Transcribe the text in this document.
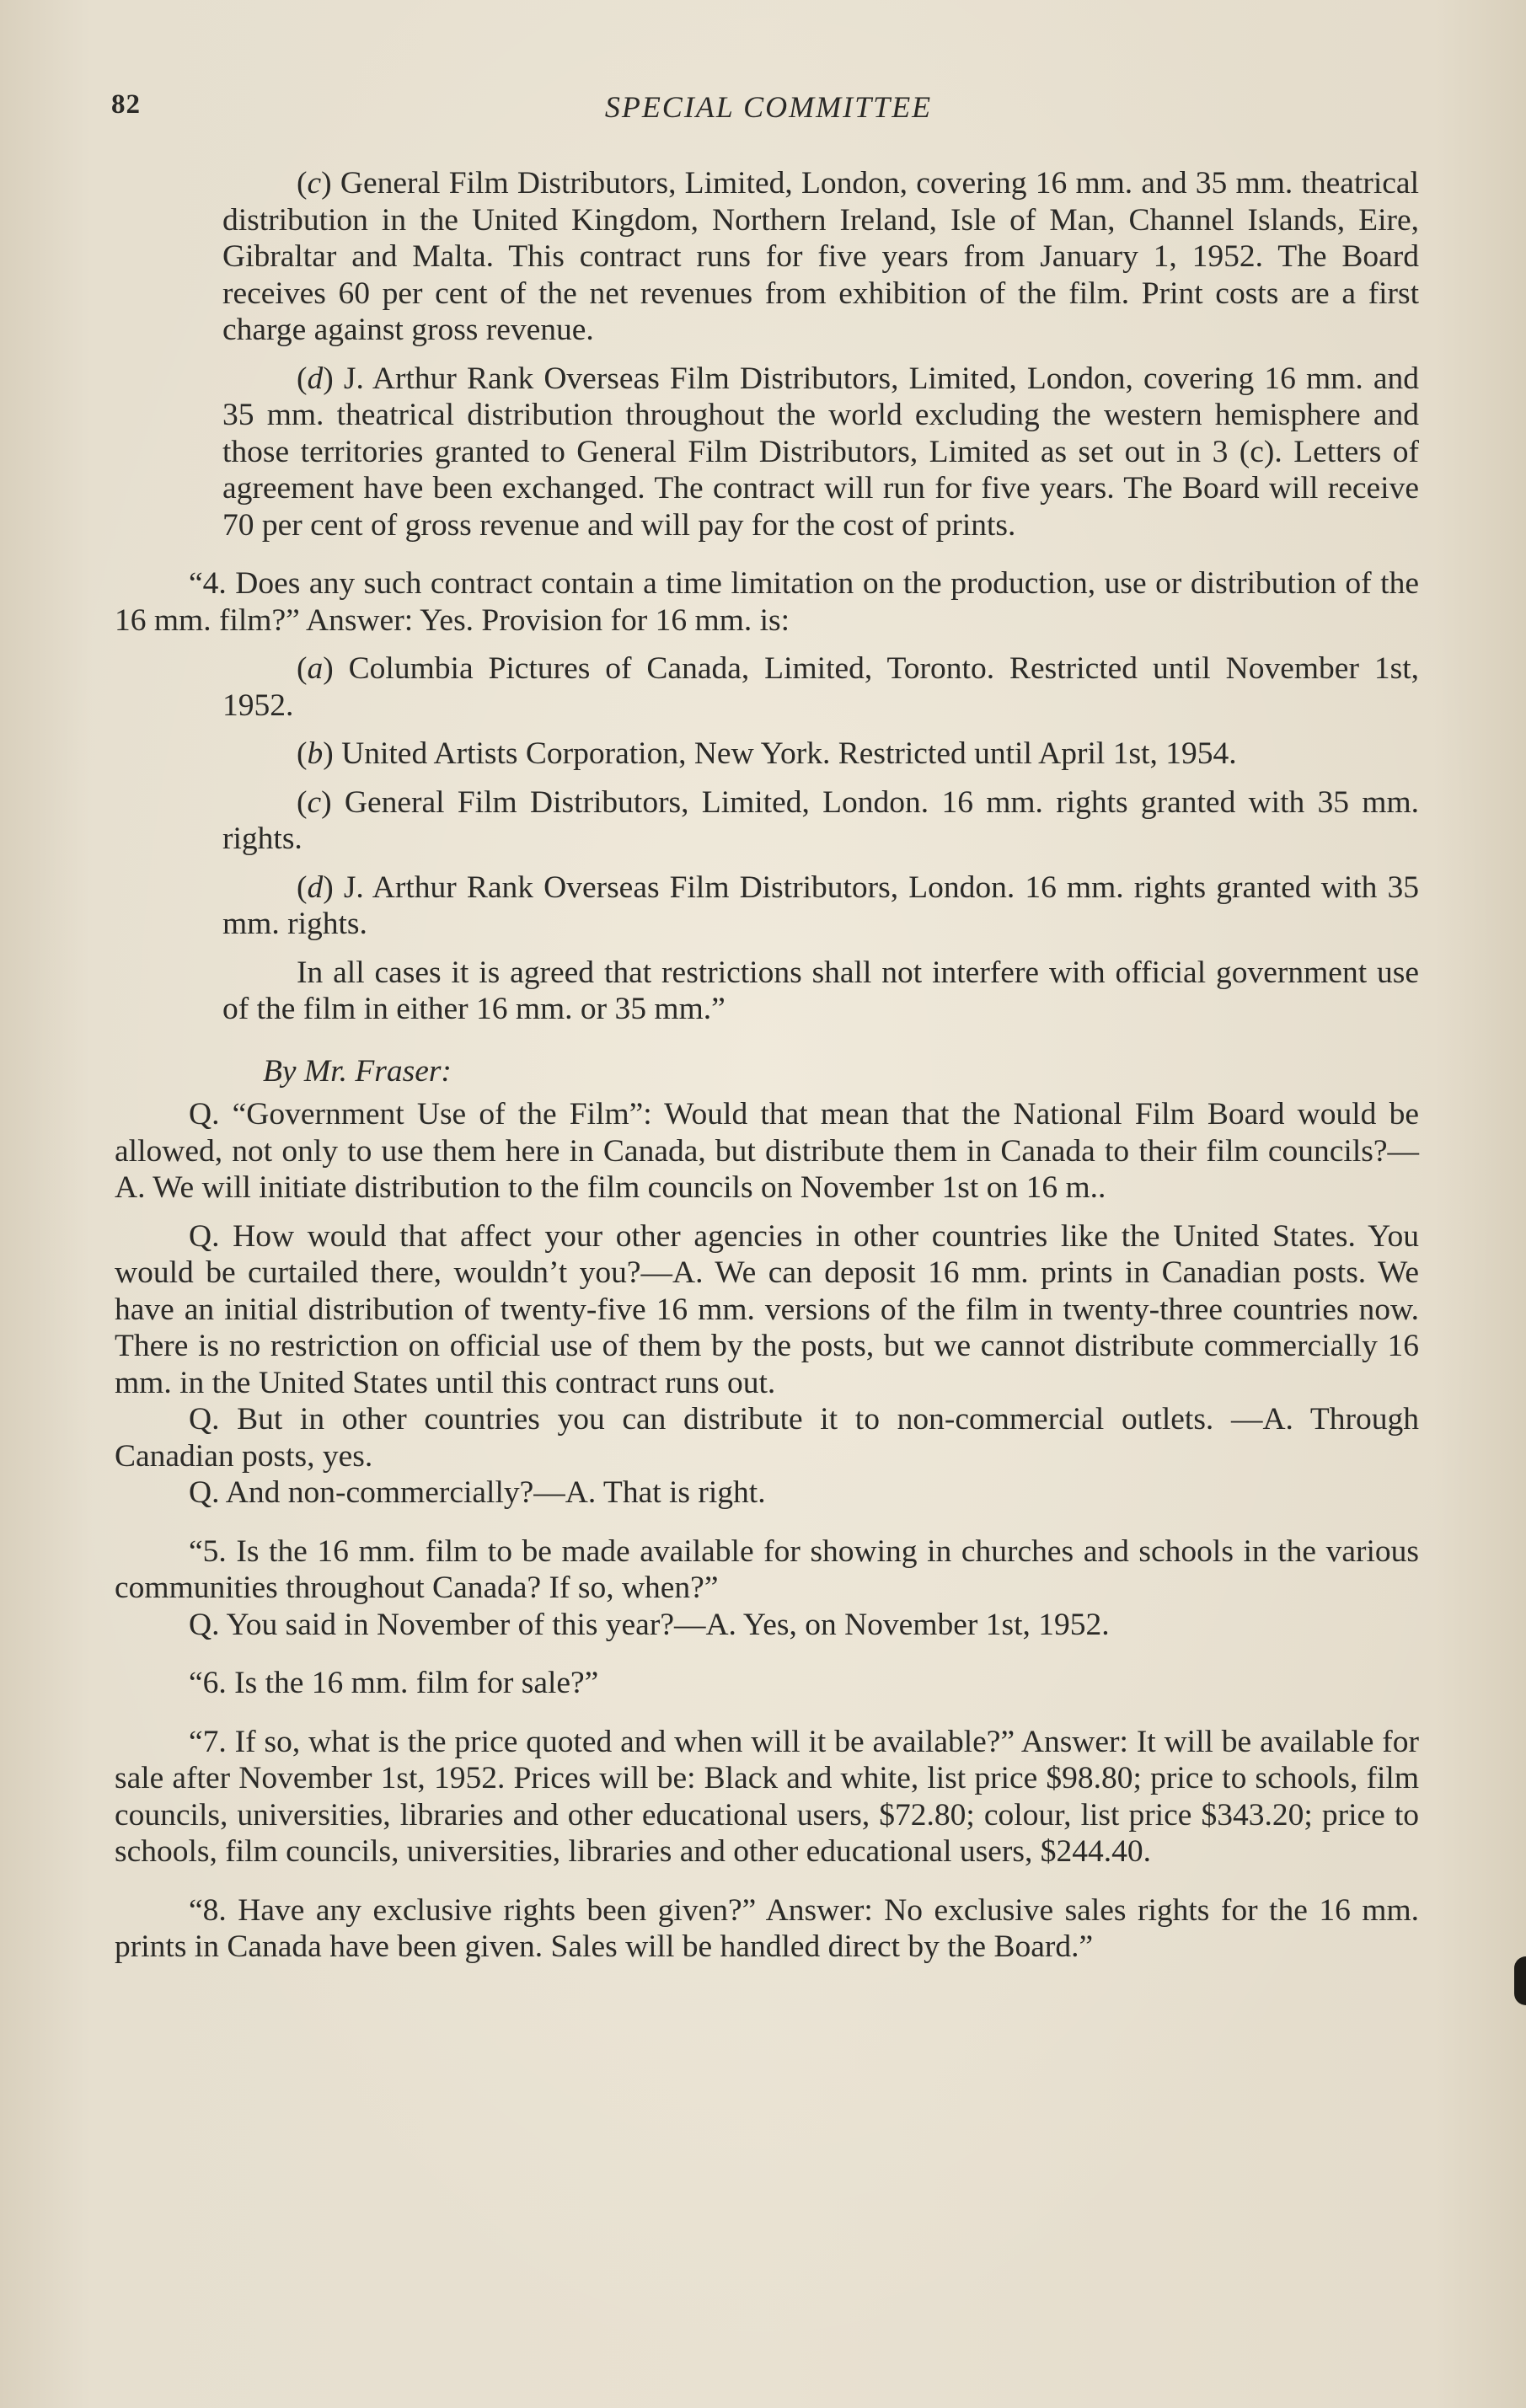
82	SPECIAL COMMITTEE

(c) General Film Distributors, Limited, London, covering 16 mm. and 35 mm. theatrical distribution in the United Kingdom, Northern Ireland, Isle of Man, Channel Islands, Eire, Gibraltar and Malta. This contract runs for five years from January 1, 1952. The Board receives 60 per cent of the net revenues from exhibition of the film. Print costs are a first charge against gross revenue.

(d) J. Arthur Rank Overseas Film Distributors, Limited, London, covering 16 mm. and 35 mm. theatrical distribution throughout the world excluding the western hemisphere and those territories granted to General Film Distributors, Limited as set out in 3 (c). Letters of agreement have been exchanged. The contract will run for five years. The Board will receive 70 per cent of gross revenue and will pay for the cost of prints.

“4. Does any such contract contain a time limitation on the production, use or distribution of the 16 mm. film?” Answer: Yes. Provision for 16 mm. is:

(a) Columbia Pictures of Canada, Limited, Toronto. Restricted until November 1st, 1952.

(b) United Artists Corporation, New York. Restricted until April 1st, 1954.

(c) General Film Distributors, Limited, London. 16 mm. rights granted with 35 mm. rights.

(d) J. Arthur Rank Overseas Film Distributors, London. 16 mm. rights granted with 35 mm. rights.

In all cases it is agreed that restrictions shall not interfere with official government use of the film in either 16 mm. or 35 mm.”

By Mr. Fraser:

Q. “Government Use of the Film”: Would that mean that the National Film Board would be allowed, not only to use them here in Canada, but distribute them in Canada to their film councils?—A. We will initiate distribution to the film councils on November 1st on 16 m..

Q. How would that affect your other agencies in other countries like the United States. You would be curtailed there, wouldn’t you?—A. We can deposit 16 mm. prints in Canadian posts. We have an initial distribution of twenty-five 16 mm. versions of the film in twenty-three countries now. There is no restriction on official use of them by the posts, but we cannot distribute commercially 16 mm. in the United States until this contract runs out.

Q. But in other countries you can distribute it to non-commercial outlets. —A. Through Canadian posts, yes.

Q. And non-commercially?—A. That is right.

“5. Is the 16 mm. film to be made available for showing in churches and schools in the various communities throughout Canada? If so, when?”

Q. You said in November of this year?—A. Yes, on November 1st, 1952.

“6. Is the 16 mm. film for sale?”

“7. If so, what is the price quoted and when will it be available?” Answer: It will be available for sale after November 1st, 1952. Prices will be: Black and white, list price $98.80; price to schools, film councils, universities, libraries and other educational users, $72.80; colour, list price $343.20; price to schools, film councils, universities, libraries and other educational users, $244.40.

“8. Have any exclusive rights been given?” Answer: No exclusive sales rights for the 16 mm. prints in Canada have been given. Sales will be handled direct by the Board.”
